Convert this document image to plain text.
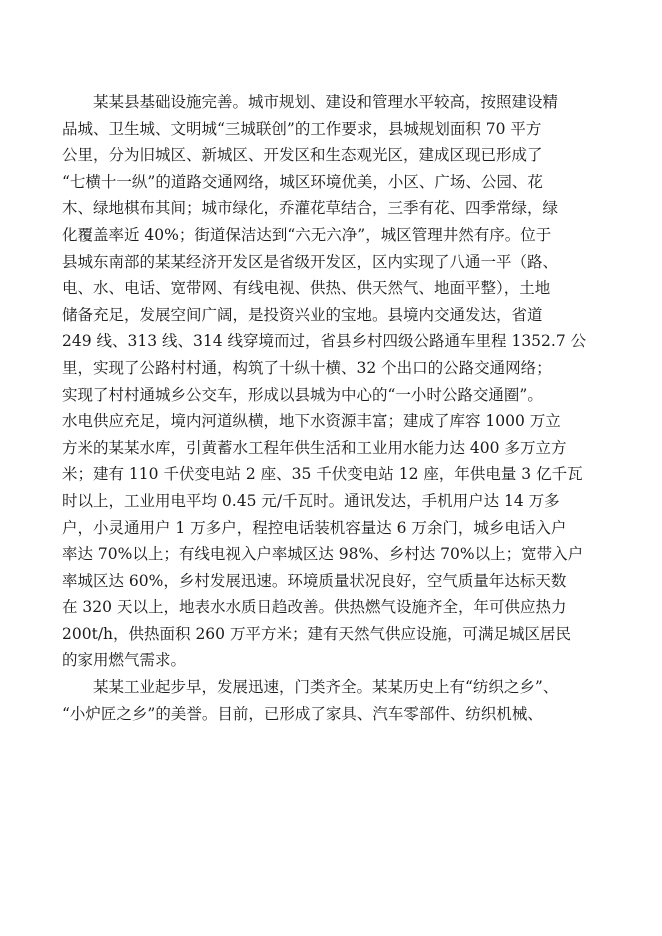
某某县基础设施完善。城市规划、建设和管理水平较高，按照建设精
品城、卫生城、文明城“三城联创”的工作要求，县城规划面积 70 平方
公里，分为旧城区、新城区、开发区和生态观光区，建成区现已形成了
“七横十一纵”的道路交通网络，城区环境优美，小区、广场、公园、花
木、绿地棋布其间；城市绿化，乔灌花草结合，三季有花、四季常绿，绿
化覆盖率近 40%；街道保洁达到“六无六净”，城区管理井然有序。位于
县城东南部的某某经济开发区是省级开发区，区内实现了八通一平（路、
电、水、电话、宽带网、有线电视、供热、供天然气、地面平整），土地
储备充足，发展空间广阔，是投资兴业的宝地。县境内交通发达，省道
249 线、313 线、314 线穿境而过，省县乡村四级公路通车里程 1352.7 公
里，实现了公路村村通，构筑了十纵十横、32 个出口的公路交通网络；
实现了村村通城乡公交车，形成以县城为中心的“一小时公路交通圈”。
水电供应充足，境内河道纵横，地下水资源丰富；建成了库容 1000 万立
方米的某某水库，引黄蓄水工程年供生活和工业用水能力达 400 多万立方
米；建有 110 千伏变电站 2 座、35 千伏变电站 12 座，年供电量 3 亿千瓦
时以上，工业用电平均 0.45 元/千瓦时。通讯发达，手机用户达 14 万多
户，小灵通用户 1 万多户，程控电话装机容量达 6 万余门，城乡电话入户
率达 70%以上；有线电视入户率城区达 98%、乡村达 70%以上；宽带入户
率城区达 60%，乡村发展迅速。环境质量状况良好，空气质量年达标天数
在 320 天以上，地表水水质日趋改善。供热燃气设施齐全，年可供应热力
200t/h，供热面积 260 万平方米；建有天然气供应设施，可满足城区居民
的家用燃气需求。
某某工业起步早，发展迅速，门类齐全。某某历史上有“纺织之乡”、
“小炉匠之乡”的美誉。目前，已形成了家具、汽车零部件、纺织机械、
